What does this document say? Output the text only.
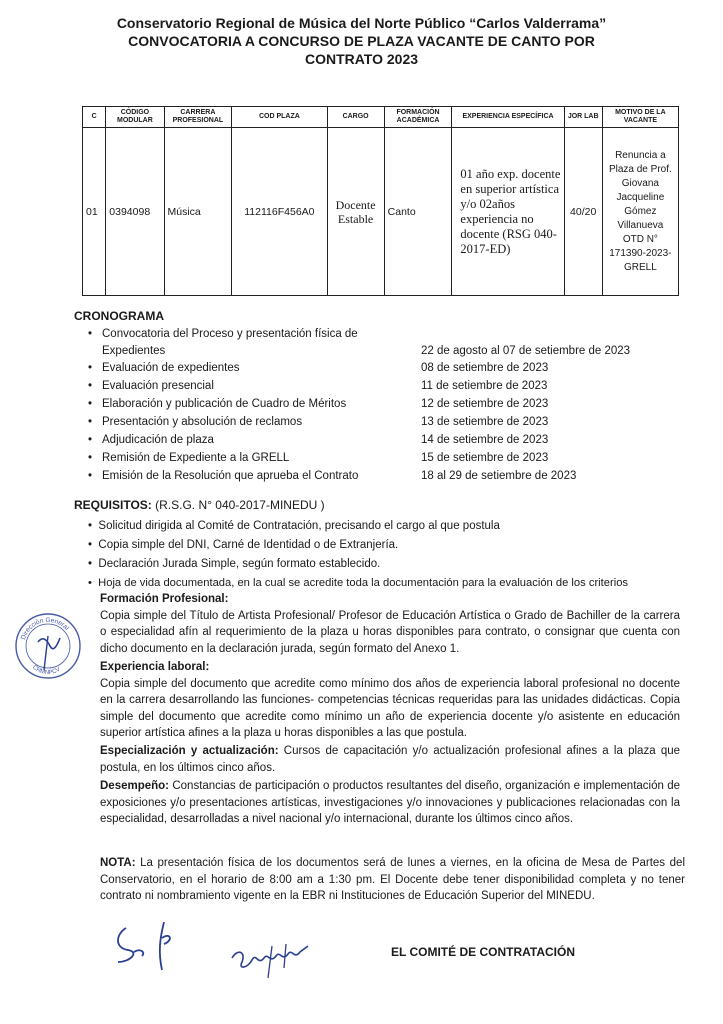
Conservatorio Regional de Música del Norte Público “Carlos Valderrama”
CONVOCATORIA A CONCURSO DE PLAZA VACANTE DE CANTO POR
CONTRATO 2023
C	CÓDIGO MODULAR	CARRERA PROFESIONAL	COD PLAZA	CARGO	FORMACIÓN ACADÉMICA	EXPERIENCIA ESPECÍFICA	JOR LAB	MOTIVO DE LA VACANTE
01	0394098	Música	112116F456A0	Docente Estable	Canto	01 año exp. docente en superior artística y/o 02años experiencia no docente (RSG 040-2017-ED)	40/20	Renuncia a Plaza de Prof. Giovana Jacqueline Gómez Villanueva OTD N° 171390-2023-GRELL
CRONOGRAMA
• Convocatoria del Proceso y presentación física de Expedientes	22 de agosto al 07 de setiembre de 2023
• Evaluación de expedientes	08 de setiembre de 2023
• Evaluación presencial	11 de setiembre de 2023
• Elaboración y publicación de Cuadro de Méritos	12 de setiembre de 2023
• Presentación y absolución de reclamos	13 de setiembre de 2023
• Adjudicación de plaza	14 de setiembre de 2023
• Remisión de Expediente a la GRELL	15 de setiembre de 2023
• Emisión de la Resolución que aprueba el Contrato	18 al 29 de setiembre de 2023
REQUISITOS: (R.S.G. N° 040-2017-MINEDU )
•  Solicitud dirigida al Comité de Contratación, precisando el cargo al que postula
•  Copia simple del DNI, Carné de Identidad o de Extranjería.
•  Declaración Jurada Simple, según formato establecido.
•  Hoja de vida documentada, en la cual se acredite toda la documentación para la evaluación de los criterios
Formación Profesional:
Copia simple del Título de Artista Profesional/ Profesor de Educación Artística o Grado de Bachiller de la carrera o especialidad afín al requerimiento de la plaza u horas disponibles para contrato, o consignar que cuenta con dicho documento en la declaración jurada, según formato del Anexo 1.
Experiencia laboral:
Copia simple del documento que acredite como mínimo dos años de experiencia laboral profesional no docente en la carrera desarrollando las funciones- competencias técnicas requeridas para las unidades didácticas. Copia simple del documento que acredite como mínimo un año de experiencia docente y/o asistente en educación superior artística afines a la plaza u horas disponibles a las que postula.
Especialización y actualización: Cursos de capacitación y/o actualización profesional afines a la plaza que postula, en los últimos cinco años.
Desempeño: Constancias de participación o productos resultantes del diseño, organización e implementación de exposiciones y/o presentaciones artísticas, investigaciones y/o innovaciones y publicaciones relacionadas con la especialidad, desarrolladas a nivel nacional y/o internacional, durante los últimos cinco años.
NOTA: La presentación física de los documentos será de lunes a viernes, en la oficina de Mesa de Partes del Conservatorio, en el horario de 8:00 am a 1:30 pm. El Docente debe tener disponibilidad completa y no tener contrato ni nombramiento vigente en la EBR ni Instituciones de Educación Superior del MINEDU.
EL COMITÉ DE CONTRATACIÓN
Dirección General
CRMNPCV
